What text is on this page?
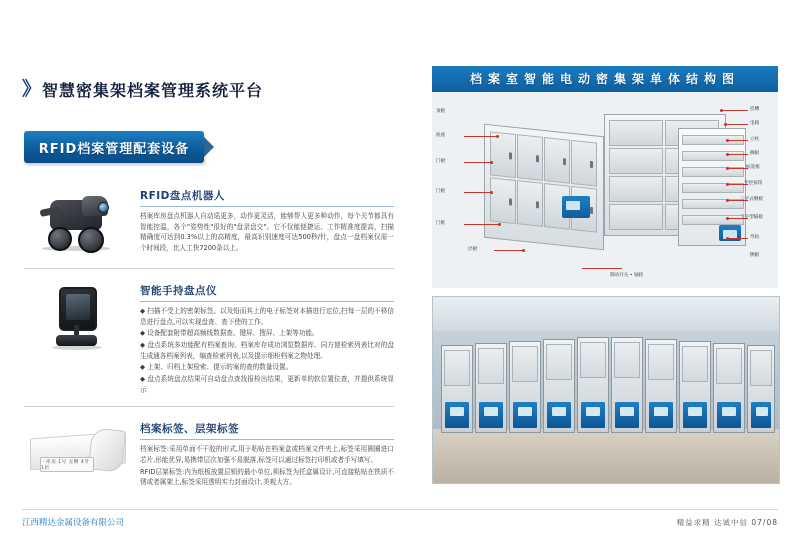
》 智慧密集架档案管理系统平台
RFID档案管理配套设备
RFID盘点机器人

档案库房盘点机器人自动巡更多，动作更灵活，能够帮人更多种动作，每个关节都具有智能控温，各个"姿势性"很好的"盘录盘交"。它不仅能便捷运、工作精准度提高，扫描精确度可达到0.3%以上的高精度，最高识别速度可达500秒/针，盘点一盘档案仅需一个时间段，比人工快7200条以上。

智能手持盘点仪

◆ 扫描不受上的密架标签。以及铅而其上的电子标签对本描进行定位,扫每一层的不移信息进行盘点,可以实现盘查、查下使的工作。

◆ 设备配套附带超高频线数据查、键屏、搜屏、上架等功能。

◆ 盘点系统多功能配有档案查询、档案库存成功浏览数据库、同方便检索列表比对的盘生成通各档案列表，编查检索列表,以及提示细柜档案之物处理。

◆ 上架、归档上架检索、提示的案的查的数量设置。

◆ 盘点系统盘点结果可自动盘点查找报检出结果，更新单的软位置位查，并提供系统显示

一库房 1号 左侧 4节 1层
档案标签、层架标签

档案标签:采用单面不干胶的形式,用于粘贴在档案盒或档案文件夹上,标签采用圆圈进口芯片,形能优异,易携带层次加强不易脱落,标签可以通过标签打印机或者手写填写。

RFID层架标签:内为纸板放置层锁的最小单位,须标签为托盒属设计,可直接粘贴在铁质不锈或者属架上,标签采用透明实力封面设计,美观大方。

档案室智能电动密集架单体结构图
底座
门板
门板
门框
层板
顶板	挂槽
电箱
立柱
搁板
标签框
手控按钮
三字式侧板
丁字型隔板
导轨
侧板
制动开关 • 轴轮
江西精达金属设备有限公司	精益求精 达诚中信 07/08
